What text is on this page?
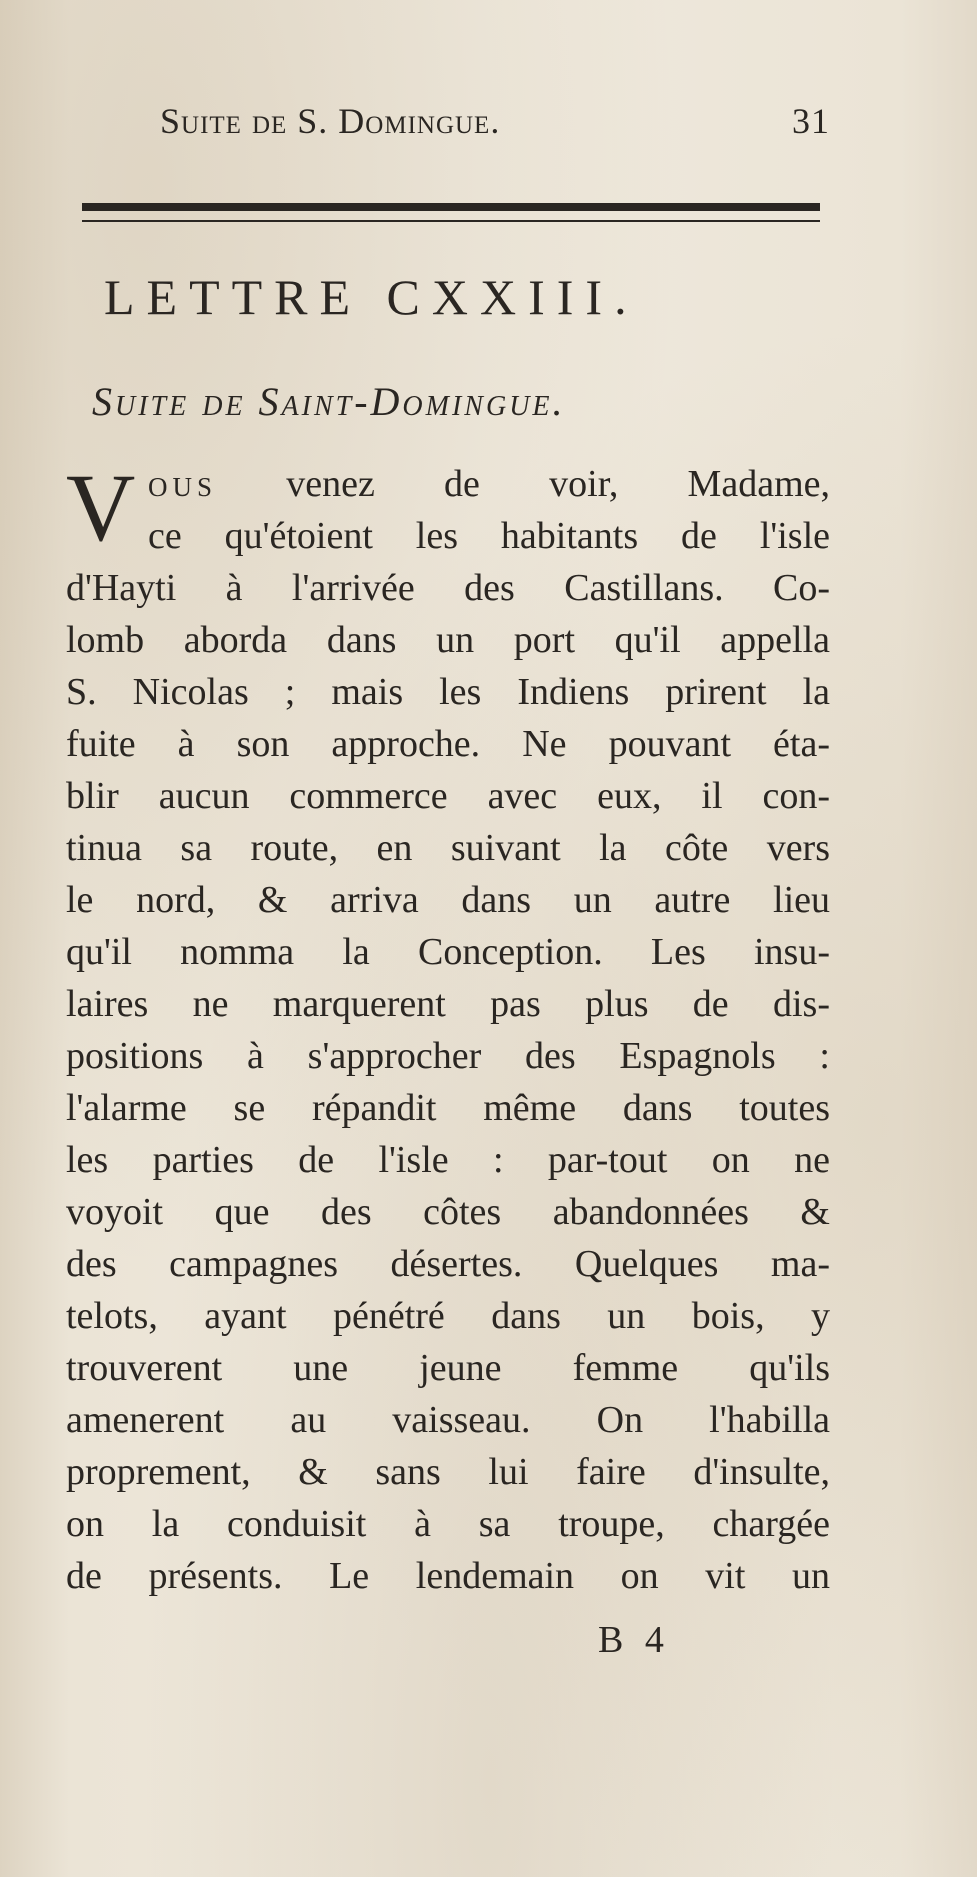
Suite de S. Domingue.	31
LETTRE CXXIII.
Suite de Saint-Domingue.
V ous venez de voir, Madame,
ce qu'étoient les habitants de l'isle
d'Hayti à l'arrivée des Castillans. Co-
lomb aborda dans un port qu'il appella
S. Nicolas ; mais les Indiens prirent la
fuite à son approche. Ne pouvant éta-
blir aucun commerce avec eux, il con-
tinua sa route, en suivant la côte vers
le nord, & arriva dans un autre lieu
qu'il nomma la Conception. Les insu-
laires ne marquerent pas plus de dis-
positions à s'approcher des Espagnols :
l'alarme se répandit même dans toutes
les parties de l'isle : par-tout on ne
voyoit que des côtes abandonnées &
des campagnes désertes. Quelques ma-
telots, ayant pénétré dans un bois, y
trouverent une jeune femme qu'ils
amenerent au vaisseau. On l'habilla
proprement, & sans lui faire d'insulte,
on la conduisit à sa troupe, chargée
de présents. Le lendemain on vit un
B 4
